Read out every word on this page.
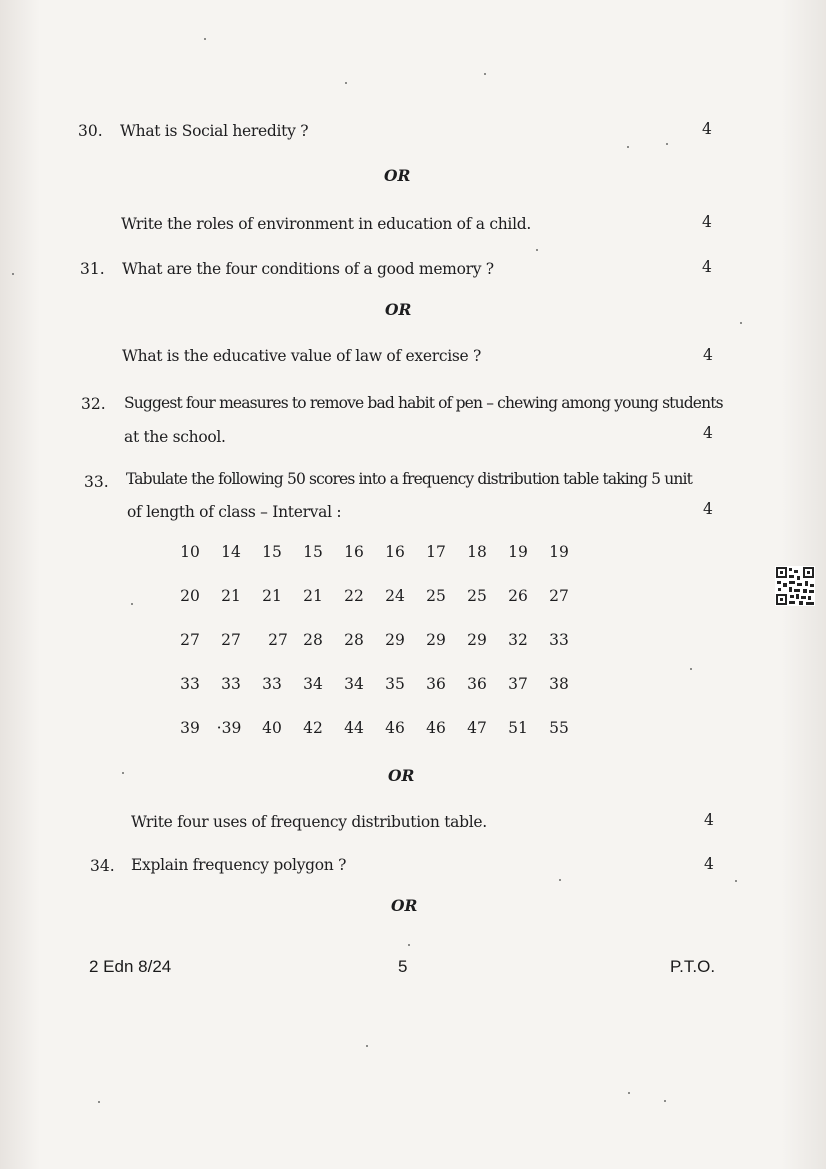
30. What is Social heredity ?	4
OR
Write the roles of environment in education of a child.	4
31. What are the four conditions of a good memory ?	4
OR
What is the educative value of law of exercise ?	4
32. Suggest four measures to remove bad habit of pen – chewing among young students
at the school.	4
33. Tabulate the following 50 scores into a frequency distribution table taking 5 unit
of length of class – Interval :	4
10	14	15	15	16	16	17	18	19	19
20	21	21	21	22	24	25	25	26	27
27	27	27 28	28	29	29	29	32	33
33	33	33	34	34	35	36	36	37	38
39	·39	40	42	44	46	46	47	51	55
OR
Write four uses of frequency distribution table.	4
34. Explain frequency polygon ?	4
OR
2 Edn 8/24	5	P.T.O.
